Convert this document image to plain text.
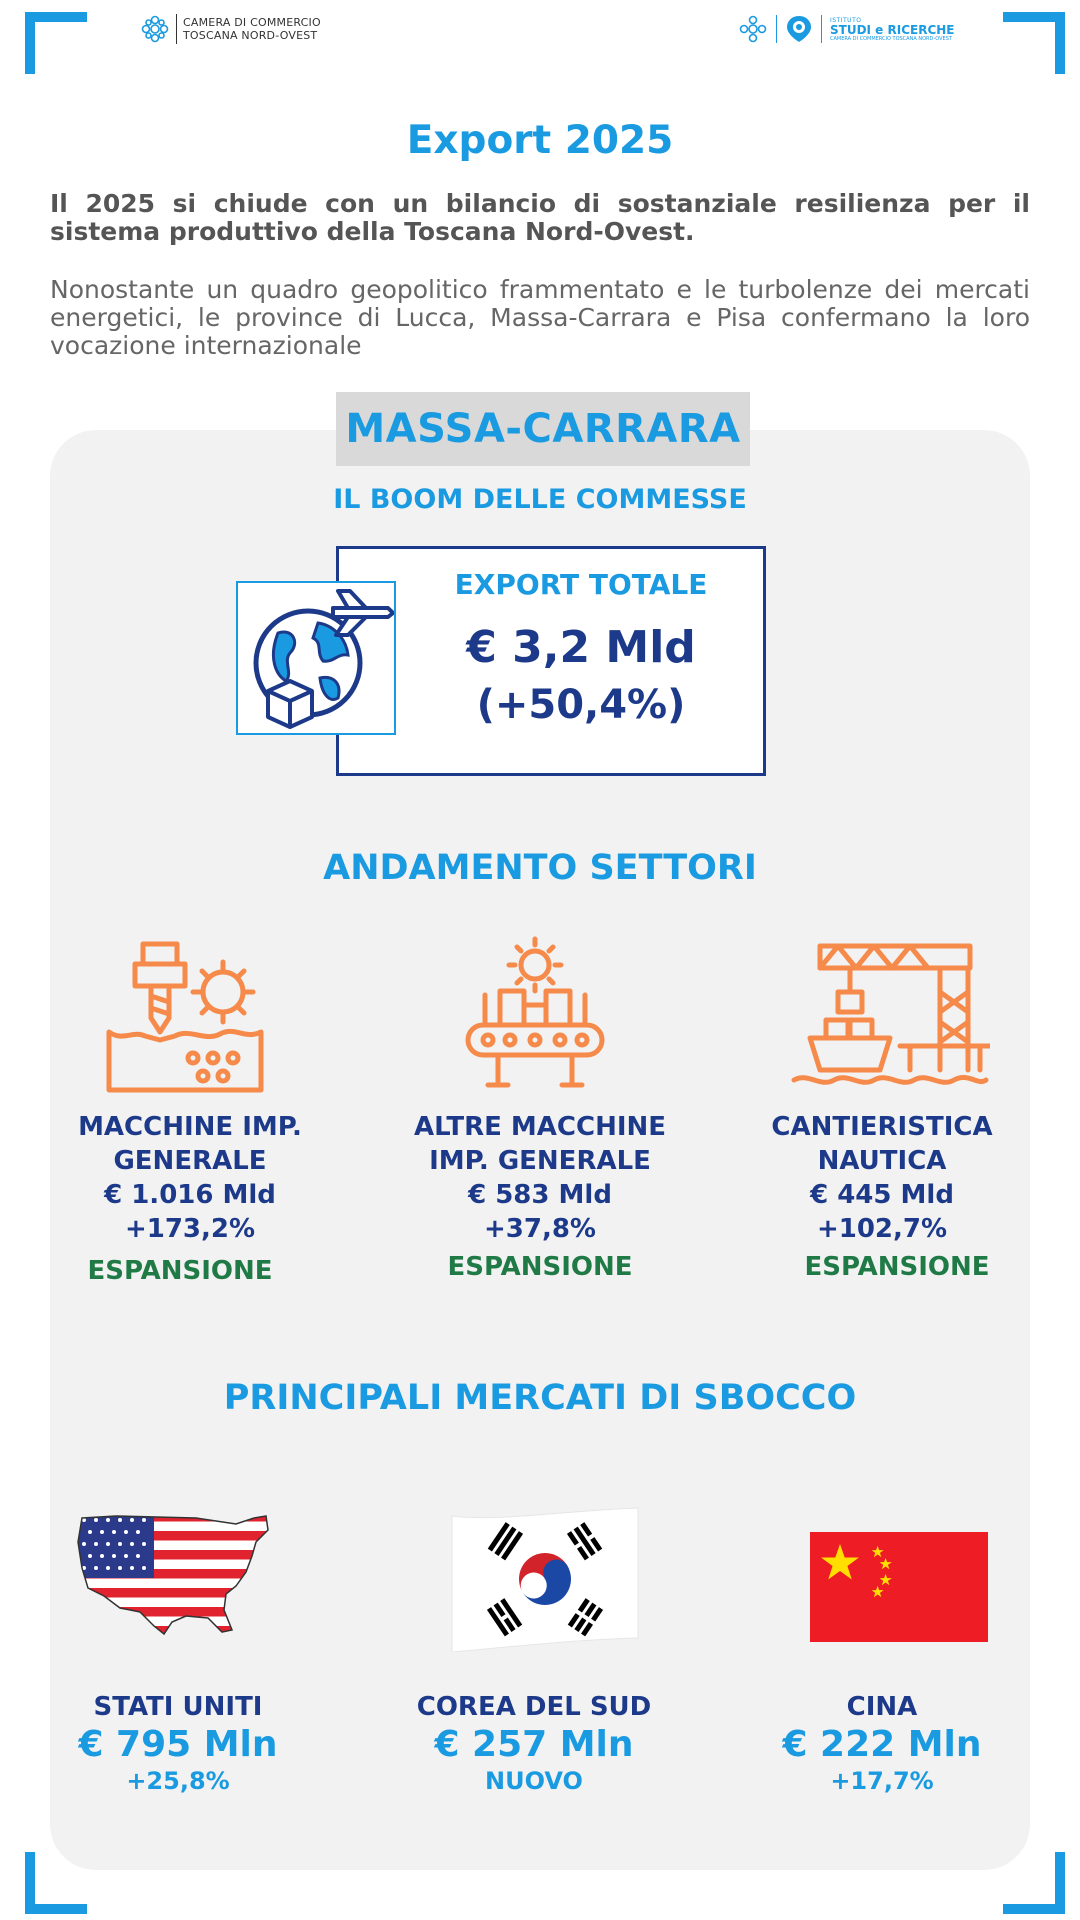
CAMERA DI COMMERCIO
TOSCANA NORD-OVEST
ISTITUTO
STUDI e RICERCHE
CAMERA DI COMMERCIO TOSCANA NORD-OVEST
Export 2025
Il 2025 si chiude con un bilancio di sostanziale resilienza per il sistema produttivo della Toscana Nord-Ovest.
Nonostante un quadro geopolitico frammentato e le turbolenze dei mercati energetici, le province di Lucca, Massa-Carrara e Pisa confermano la loro vocazione internazionale
MASSA-CARRARA
IL BOOM DELLE COMMESSE
EXPORT TOTALE
€ 3,2 Mld
(+50,4%)
ANDAMENTO SETTORI
MACCHINE IMP.
GENERALE
€ 1.016 Mld
+173,2%
ESPANSIONE
ALTRE MACCHINE
IMP. GENERALE
€ 583 Mld
+37,8%
ESPANSIONE
CANTIERISTICA
NAUTICA
€ 445 Mld
+102,7%
ESPANSIONE
PRINCIPALI MERCATI DI SBOCCO
STATI UNITI
€ 795 Mln
+25,8%
COREA DEL SUD
€ 257 Mln
NUOVO
CINA
€ 222 Mln
+17,7%
